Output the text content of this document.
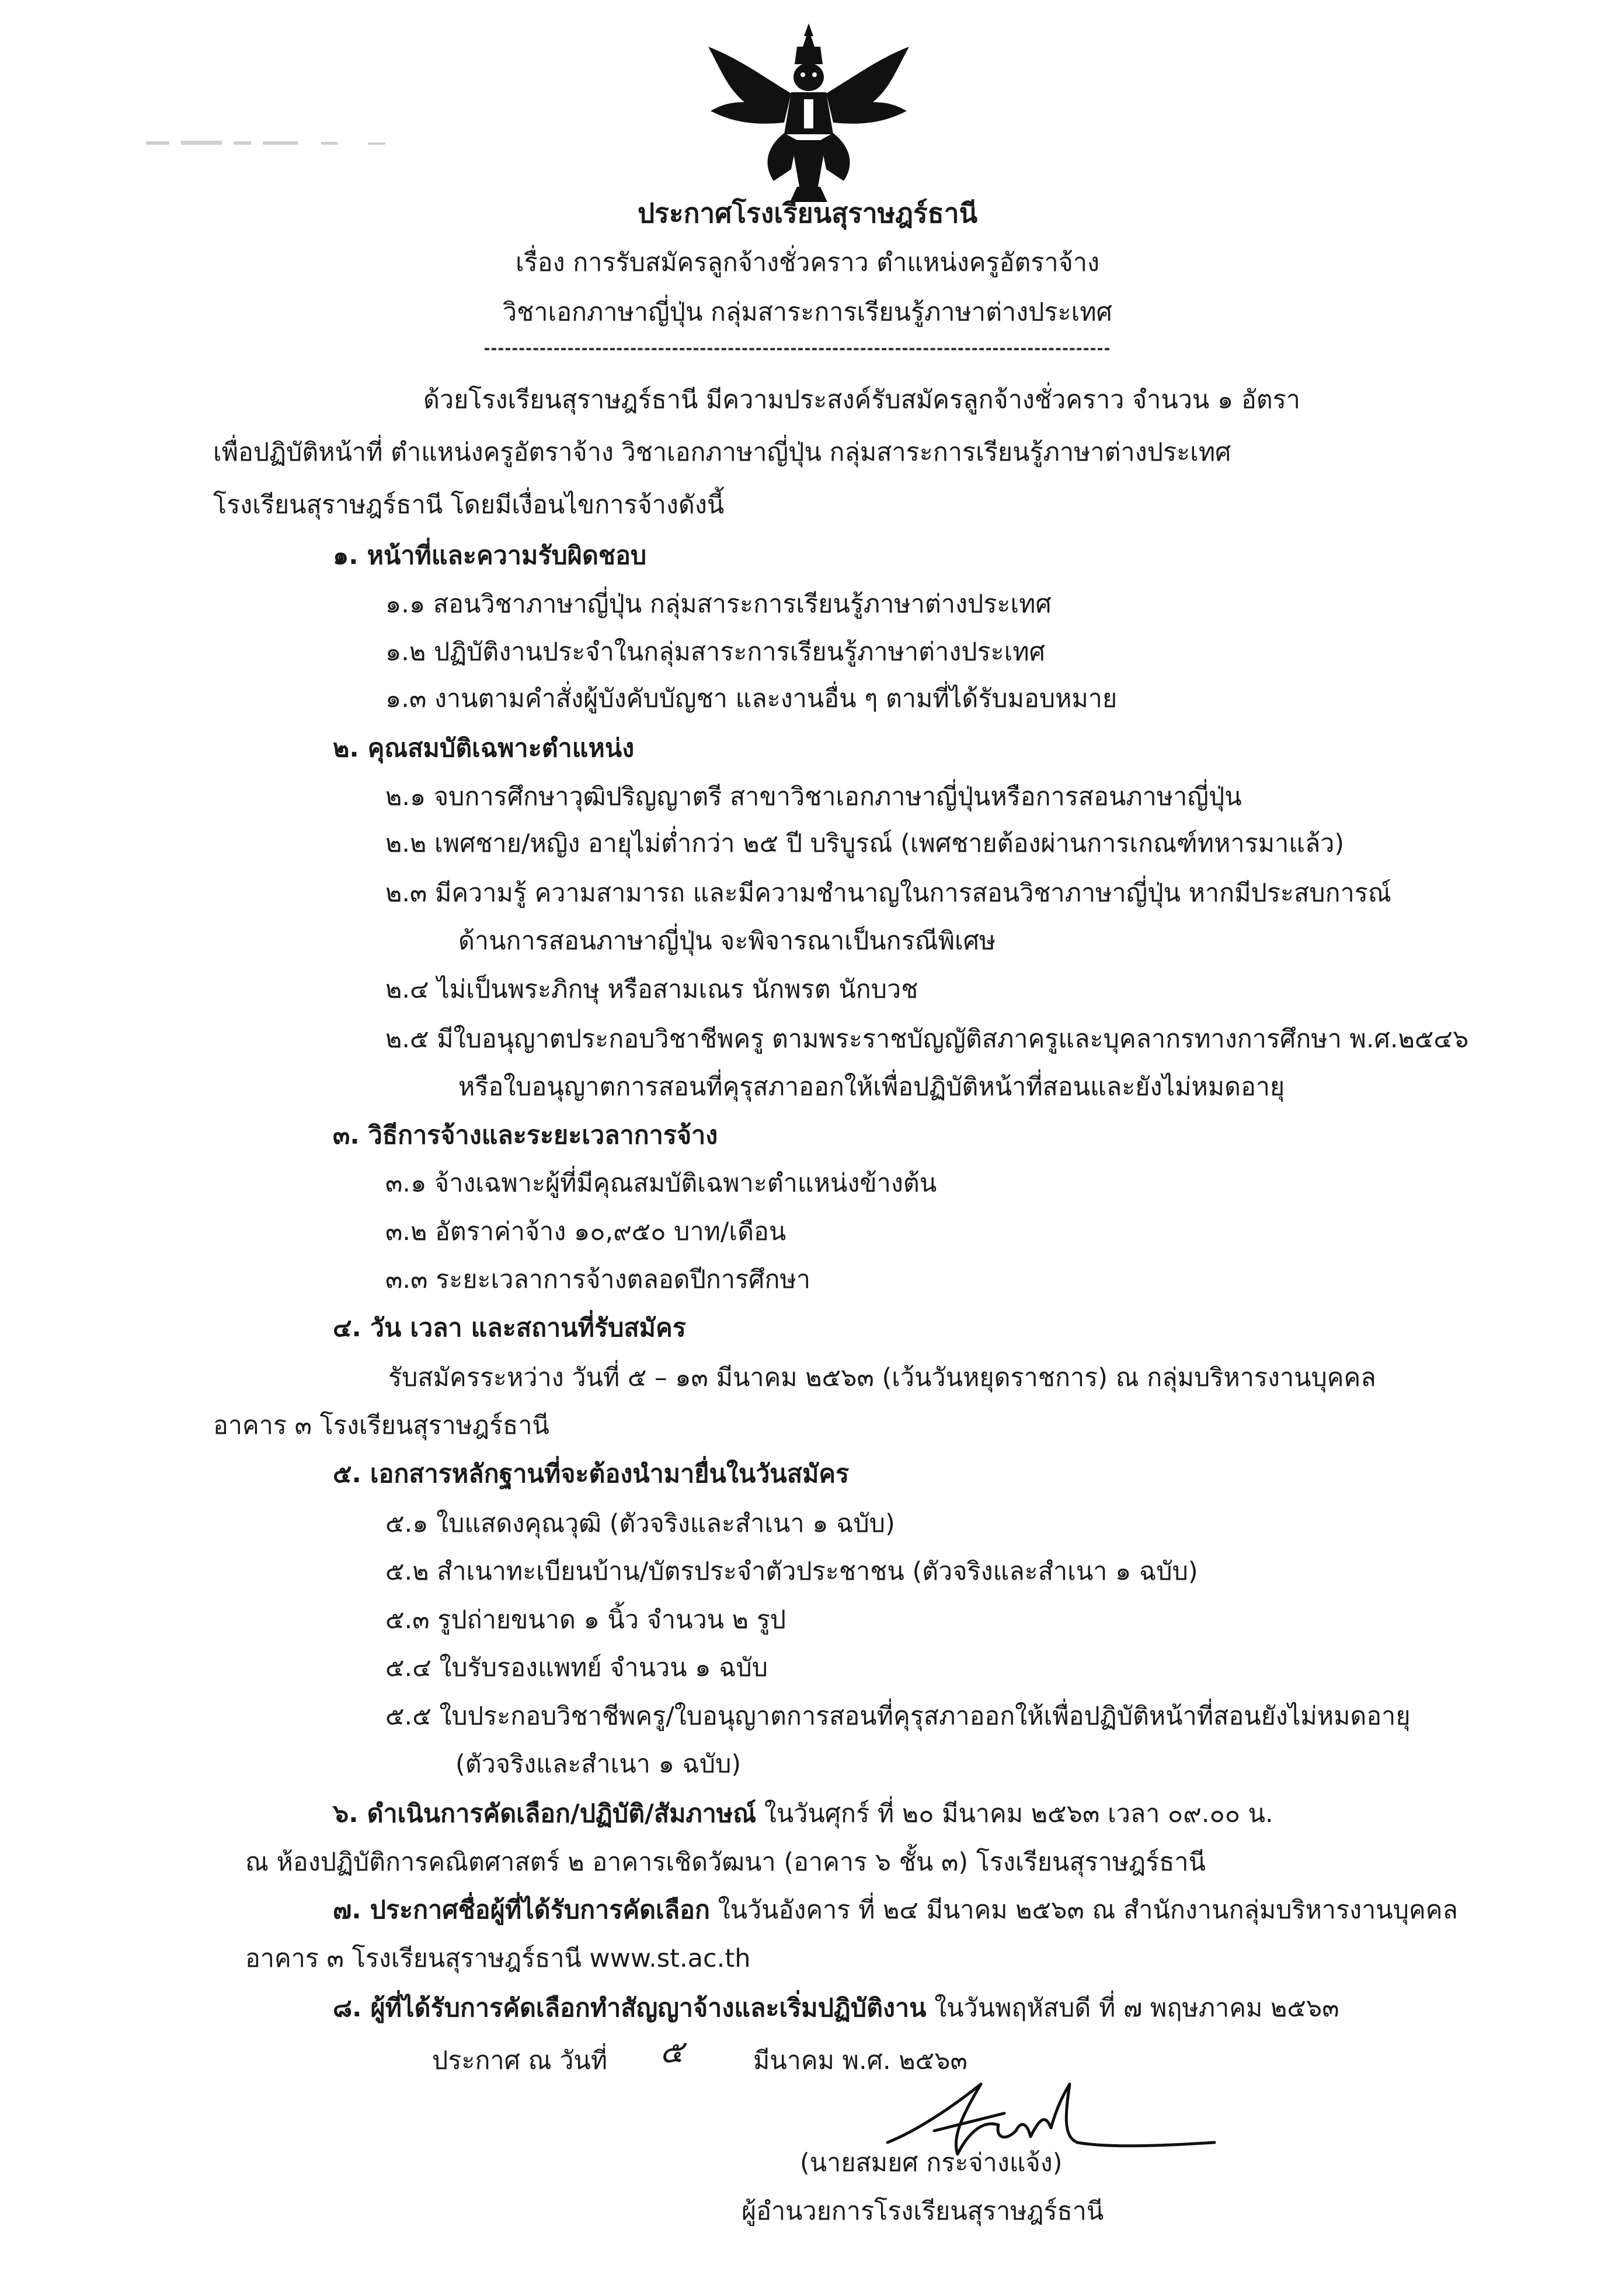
ประกาศโรงเรียนสุราษฎร์ธานี
เรื่อง การรับสมัครลูกจ้างชั่วคราว ตำแหน่งครูอัตราจ้าง
วิชาเอกภาษาญี่ปุ่น กลุ่มสาระการเรียนรู้ภาษาต่างประเทศ
ด้วยโรงเรียนสุราษฎร์ธานี มีความประสงค์รับสมัครลูกจ้างชั่วคราว จำนวน ๑ อัตรา
เพื่อปฏิบัติหน้าที่ ตำแหน่งครูอัตราจ้าง วิชาเอกภาษาญี่ปุ่น กลุ่มสาระการเรียนรู้ภาษาต่างประเทศ
โรงเรียนสุราษฎร์ธานี โดยมีเงื่อนไขการจ้างดังนี้
๑. หน้าที่และความรับผิดชอบ
๑.๑ สอนวิชาภาษาญี่ปุ่น กลุ่มสาระการเรียนรู้ภาษาต่างประเทศ
๑.๒ ปฏิบัติงานประจำในกลุ่มสาระการเรียนรู้ภาษาต่างประเทศ
๑.๓ งานตามคำสั่งผู้บังคับบัญชา และงานอื่น ๆ ตามที่ได้รับมอบหมาย
๒. คุณสมบัติเฉพาะตำแหน่ง
๒.๑ จบการศึกษาวุฒิปริญญาตรี สาขาวิชาเอกภาษาญี่ปุ่นหรือการสอนภาษาญี่ปุ่น
๒.๒ เพศชาย/หญิง อายุไม่ต่ำกว่า ๒๕ ปี บริบูรณ์ (เพศชายต้องผ่านการเกณฑ์ทหารมาแล้ว)
๒.๓ มีความรู้ ความสามารถ และมีความชำนาญในการสอนวิชาภาษาญี่ปุ่น หากมีประสบการณ์
ด้านการสอนภาษาญี่ปุ่น จะพิจารณาเป็นกรณีพิเศษ
๒.๔ ไม่เป็นพระภิกษุ หรือสามเณร นักพรต นักบวช
๒.๕ มีใบอนุญาตประกอบวิชาชีพครู ตามพระราชบัญญัติสภาครูและบุคลากรทางการศึกษา พ.ศ.๒๕๔๖
หรือใบอนุญาตการสอนที่คุรุสภาออกให้เพื่อปฏิบัติหน้าที่สอนและยังไม่หมดอายุ
๓. วิธีการจ้างและระยะเวลาการจ้าง
๓.๑ จ้างเฉพาะผู้ที่มีคุณสมบัติเฉพาะตำแหน่งข้างต้น
๓.๒ อัตราค่าจ้าง ๑๐,๙๕๐ บาท/เดือน
๓.๓ ระยะเวลาการจ้างตลอดปีการศึกษา
๔. วัน เวลา และสถานที่รับสมัคร
รับสมัครระหว่าง วันที่ ๕ – ๑๓ มีนาคม ๒๕๖๓ (เว้นวันหยุดราชการ) ณ กลุ่มบริหารงานบุคคล
อาคาร ๓ โรงเรียนสุราษฎร์ธานี
๕. เอกสารหลักฐานที่จะต้องนำมายื่นในวันสมัคร
๕.๑ ใบแสดงคุณวุฒิ (ตัวจริงและสำเนา ๑ ฉบับ)
๕.๒ สำเนาทะเบียนบ้าน/บัตรประจำตัวประชาชน (ตัวจริงและสำเนา ๑ ฉบับ)
๕.๓ รูปถ่ายขนาด ๑ นิ้ว จำนวน ๒ รูป
๕.๔ ใบรับรองแพทย์ จำนวน ๑ ฉบับ
๕.๕ ใบประกอบวิชาชีพครู/ใบอนุญาตการสอนที่คุรุสภาออกให้เพื่อปฏิบัติหน้าที่สอนยังไม่หมดอายุ
(ตัวจริงและสำเนา ๑ ฉบับ)
๖. ดำเนินการคัดเลือก/ปฏิบัติ/สัมภาษณ์ ในวันศุกร์ ที่ ๒๐ มีนาคม ๒๕๖๓ เวลา ๐๙.๐๐ น.
ณ ห้องปฏิบัติการคณิตศาสตร์ ๒ อาคารเชิดวัฒนา (อาคาร ๖ ชั้น ๓) โรงเรียนสุราษฎร์ธานี
๗. ประกาศชื่อผู้ที่ได้รับการคัดเลือก ในวันอังคาร ที่ ๒๔ มีนาคม ๒๕๖๓ ณ สำนักงานกลุ่มบริหารงานบุคคล
อาคาร ๓ โรงเรียนสุราษฎร์ธานี www.st.ac.th
๘. ผู้ที่ได้รับการคัดเลือกทำสัญญาจ้างและเริ่มปฏิบัติงาน ในวันพฤหัสบดี ที่ ๗ พฤษภาคม ๒๕๖๓
ประกาศ ณ วันที่ ๕	มีนาคม พ.ศ. ๒๕๖๓
(นายสมยศ กระจ่างแจ้ง)
ผู้อำนวยการโรงเรียนสุราษฎร์ธานี
